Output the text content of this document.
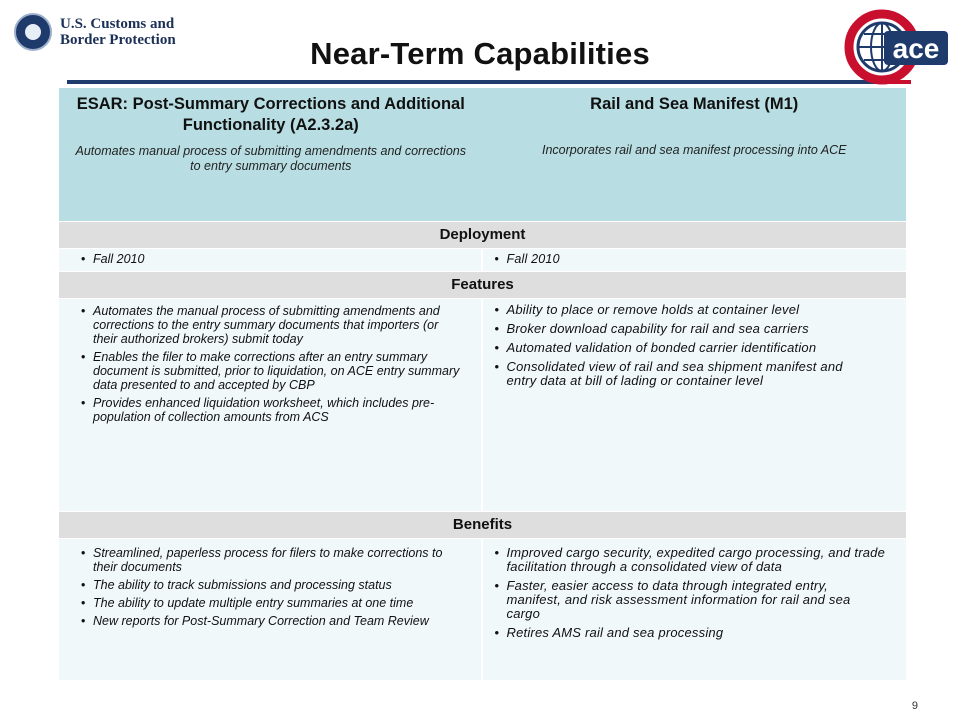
U.S. Customs and
Border Protection	Near-Term Capabilities	ace
ESAR: Post-Summary Corrections and Additional Functionality (A2.3.2a)
Automates manual process of submitting amendments and corrections to entry summary documents
Rail and Sea Manifest (M1)
Incorporates rail and sea manifest processing into ACE
Deployment
• Fall 2010
•	Fall 2010
Features
• Automates the manual process of submitting amendments and corrections to the entry summary documents that importers (or their authorized brokers) submit today
• Enables the filer to make corrections after an entry summary document is submitted, prior to liquidation, on ACE entry summary data presented to and accepted by CBP
• Provides enhanced liquidation worksheet, which includes pre-population of collection amounts from ACS
• Ability to place or remove holds at container level
• Broker download capability for rail and sea carriers
• Automated validation of bonded carrier identification
• Consolidated view of rail and sea shipment manifest and entry data at bill of lading or container level
Benefits
• Streamlined, paperless process for filers to make corrections to their documents
• The ability to track submissions and processing status
• The ability to update multiple entry summaries at one time
• New reports for Post-Summary Correction and Team Review
• Improved cargo security, expedited cargo processing, and trade facilitation through a consolidated view of data
• Faster, easier access to data through integrated entry, manifest, and risk assessment information for rail and sea cargo
• Retires AMS rail and sea processing
9
